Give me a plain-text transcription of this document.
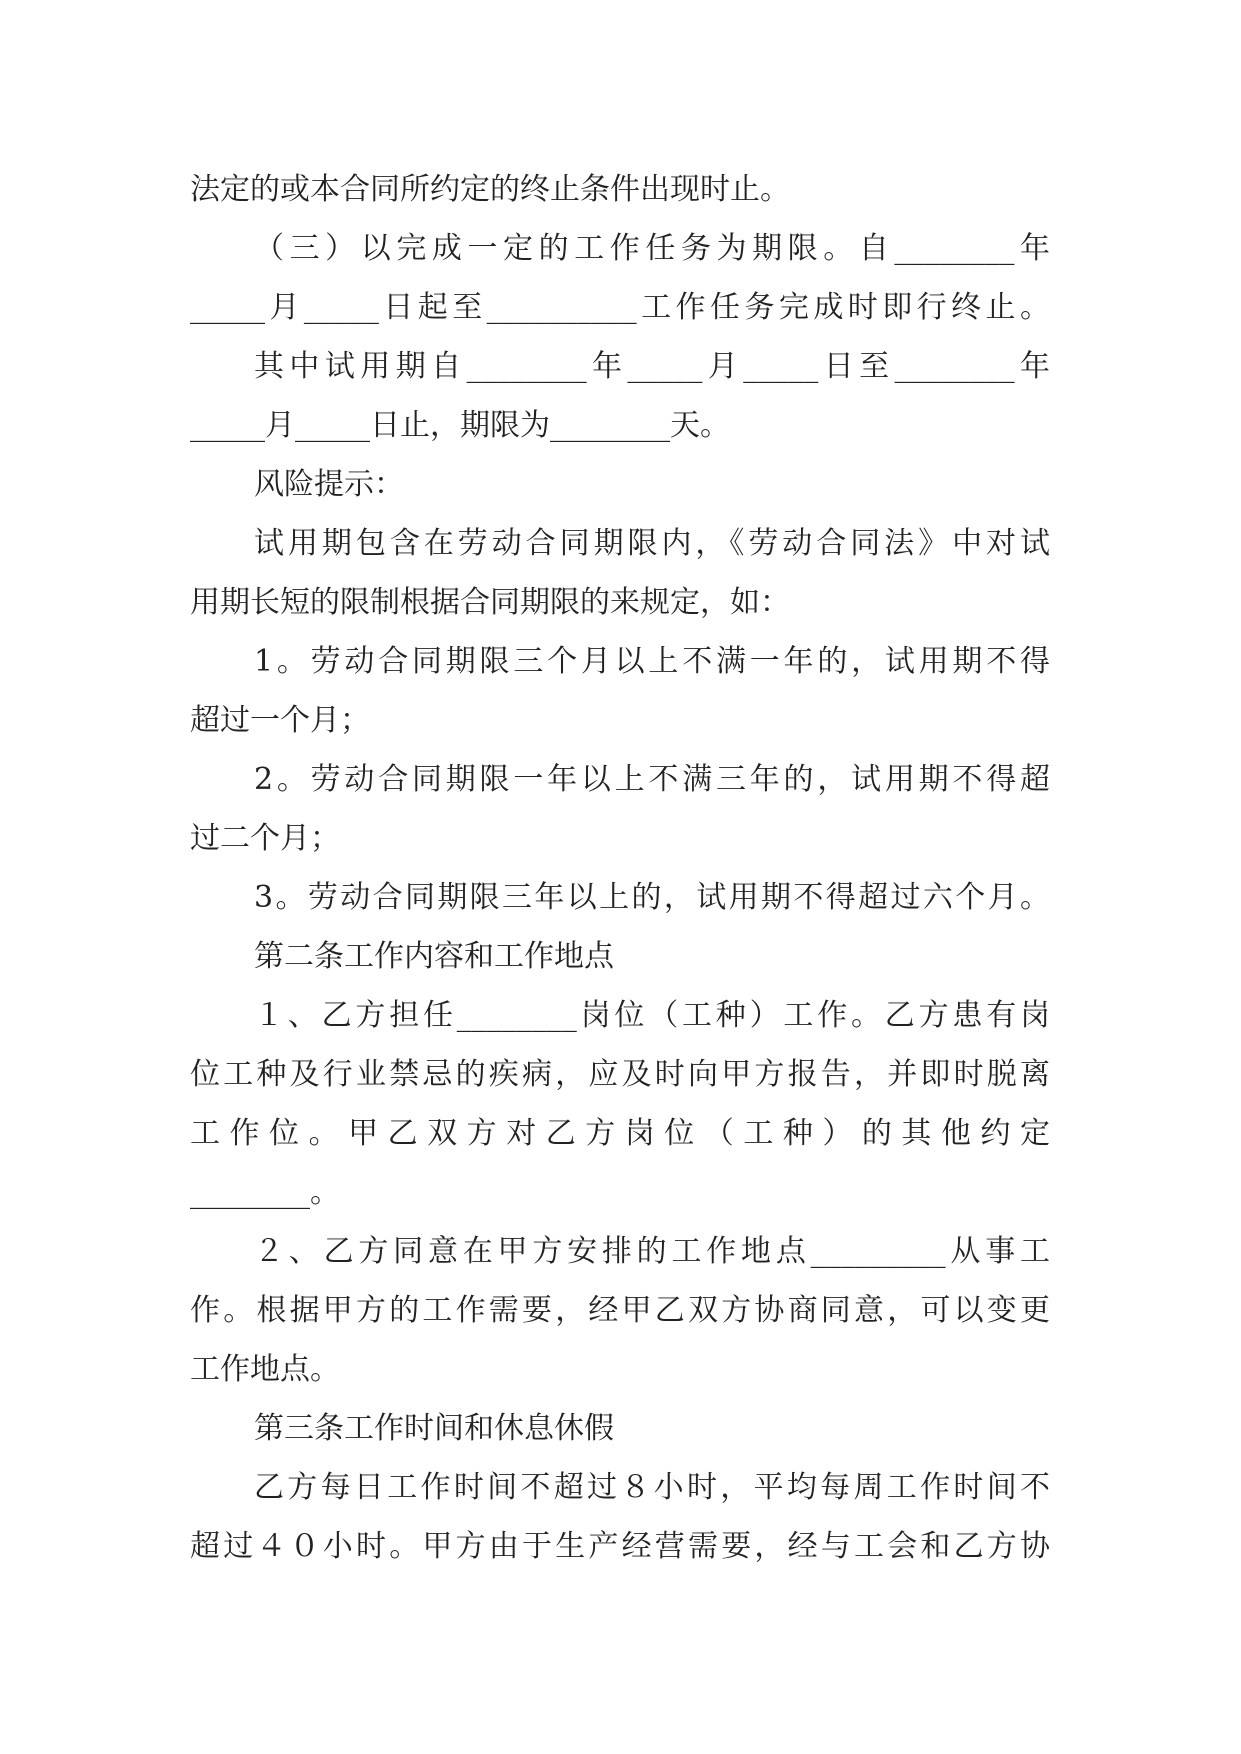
法定的或本合同所约定的终止条件出现时止。
（三）以完成一定的工作任务为期限。自________年
_____月_____日起至__________工作任务完成时即行终止。
其中试用期自________年_____月_____日至________年
_____月_____日止，期限为________天。
风险提示：
试用期包含在劳动合同期限内，《劳动合同法》中对试
用期长短的限制根据合同期限的来规定，如：
1。劳动合同期限三个月以上不满一年的，试用期不得
超过一个月；
2。劳动合同期限一年以上不满三年的，试用期不得超
过二个月；
3。劳动合同期限三年以上的，试用期不得超过六个月。
第二条工作内容和工作地点
１、乙方担任________岗位（工种）工作。乙方患有岗
位工种及行业禁忌的疾病，应及时向甲方报告，并即时脱离
工作位。甲乙双方对乙方岗位（工种）的其他约定
________。
２、乙方同意在甲方安排的工作地点_________从事工
作。根据甲方的工作需要，经甲乙双方协商同意，可以变更
工作地点。
第三条工作时间和休息休假
乙方每日工作时间不超过８小时，平均每周工作时间不
超过４０小时。甲方由于生产经营需要，经与工会和乙方协
